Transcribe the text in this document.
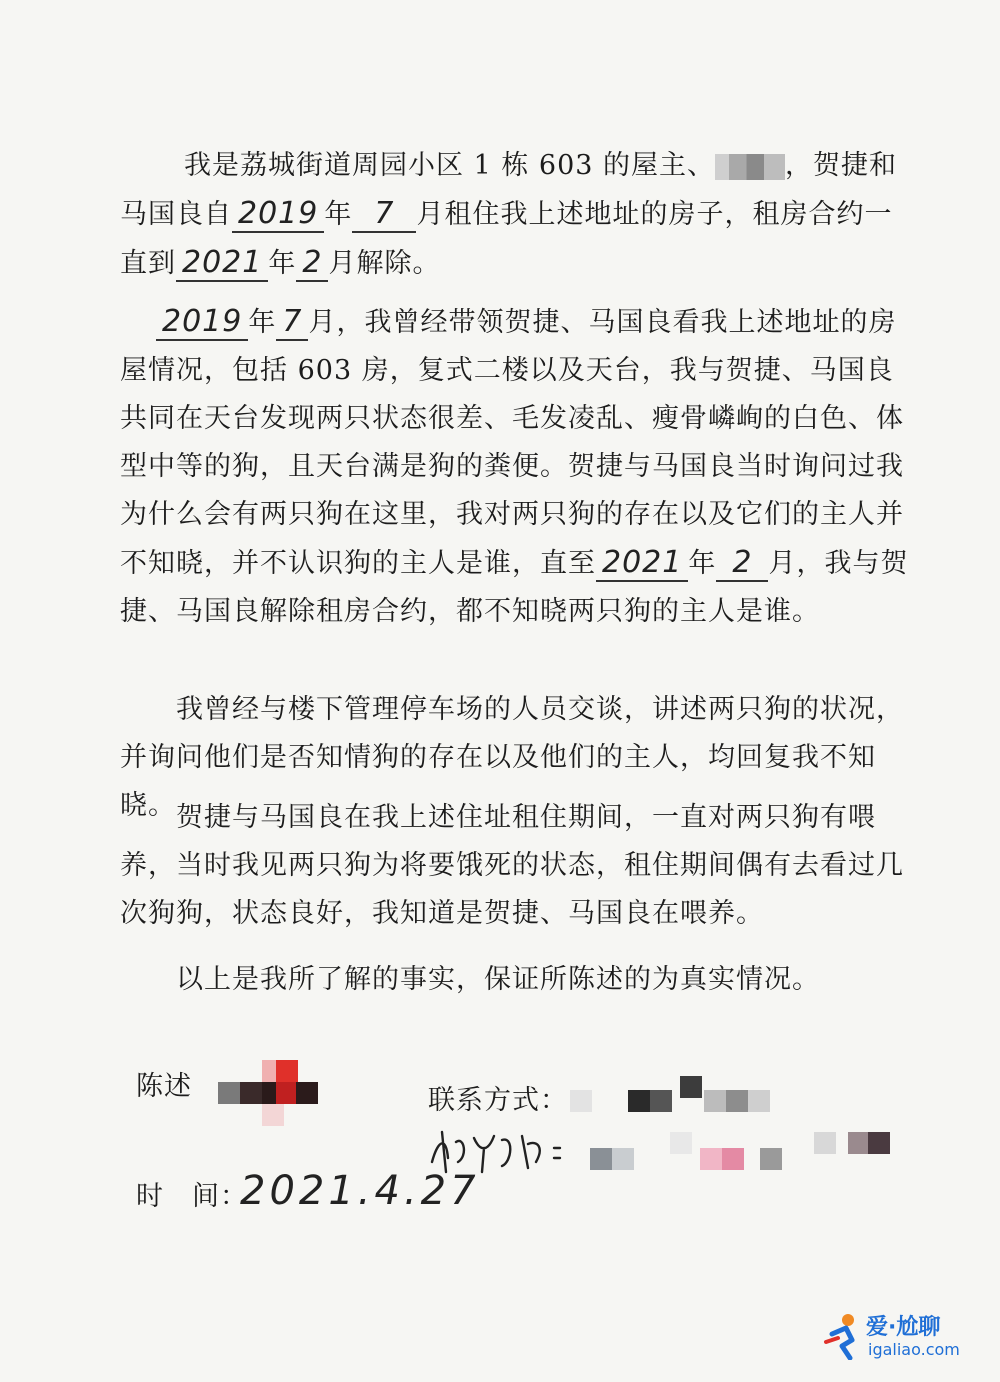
我是荔城街道周园小区 1 栋 603 的屋主、	，贺捷和马国良自 2019 年 7 月租住我上述地址的房子，租房合约一直到 2021 年 2 月解除。

2019 年 7 月，我曾经带领贺捷、马国良看我上述地址的房屋情况，包括 603 房，复式二楼以及天台，我与贺捷、马国良共同在天台发现两只状态很差、毛发凌乱、瘦骨嶙峋的白色、体型中等的狗，且天台满是狗的粪便。贺捷与马国良当时询问过我为什么会有两只狗在这里，我对两只狗的存在以及它们的主人并不知晓，并不认识狗的主人是谁，直至 2021 年 2 月，我与贺捷、马国良解除租房合约，都不知晓两只狗的主人是谁。

我曾经与楼下管理停车场的人员交谈，讲述两只狗的状况，并询问他们是否知情狗的存在以及他们的主人，均回复我不知晓。 贺捷与马国良在我上述住址租住期间，一直对两只狗有喂养，当时我见两只狗为将要饿死的状态，租住期间偶有去看过几次狗狗，状态良好，我知道是贺捷、马国良在喂养。

以上是我所了解的事实，保证所陈述的为真实情况。

陈述	联系方式：
时　间：
2021.4.27
爱·尬聊
igaliao.com
